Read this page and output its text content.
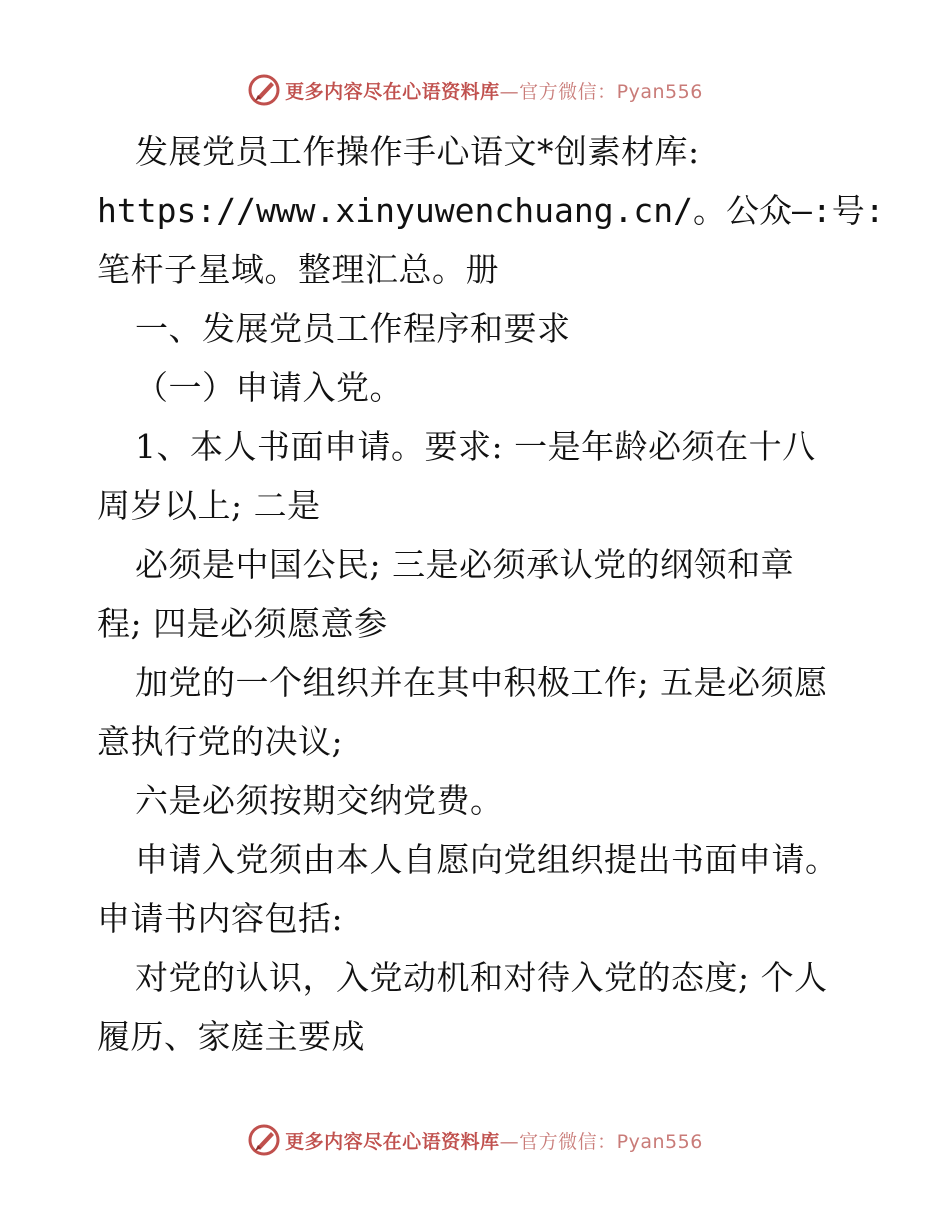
更多内容尽在心语资料库—官方微信：Pyan556
发展党员工作操作手心语文*创素材库:
https://www.xinyuwenchuang.cn/。公众—:号:
笔杆子星域。整理汇总。册
一、发展党员工作程序和要求
（一）申请入党。
1、本人书面申请。要求: 一是年龄必须在十八
周岁以上; 二是
必须是中国公民; 三是必须承认党的纲领和章
程; 四是必须愿意参
加党的一个组织并在其中积极工作; 五是必须愿
意执行党的决议;
六是必须按期交纳党费。
申请入党须由本人自愿向党组织提出书面申请。
申请书内容包括:
对党的认识，入党动机和对待入党的态度; 个人
履历、家庭主要成
更多内容尽在心语资料库—官方微信：Pyan556
